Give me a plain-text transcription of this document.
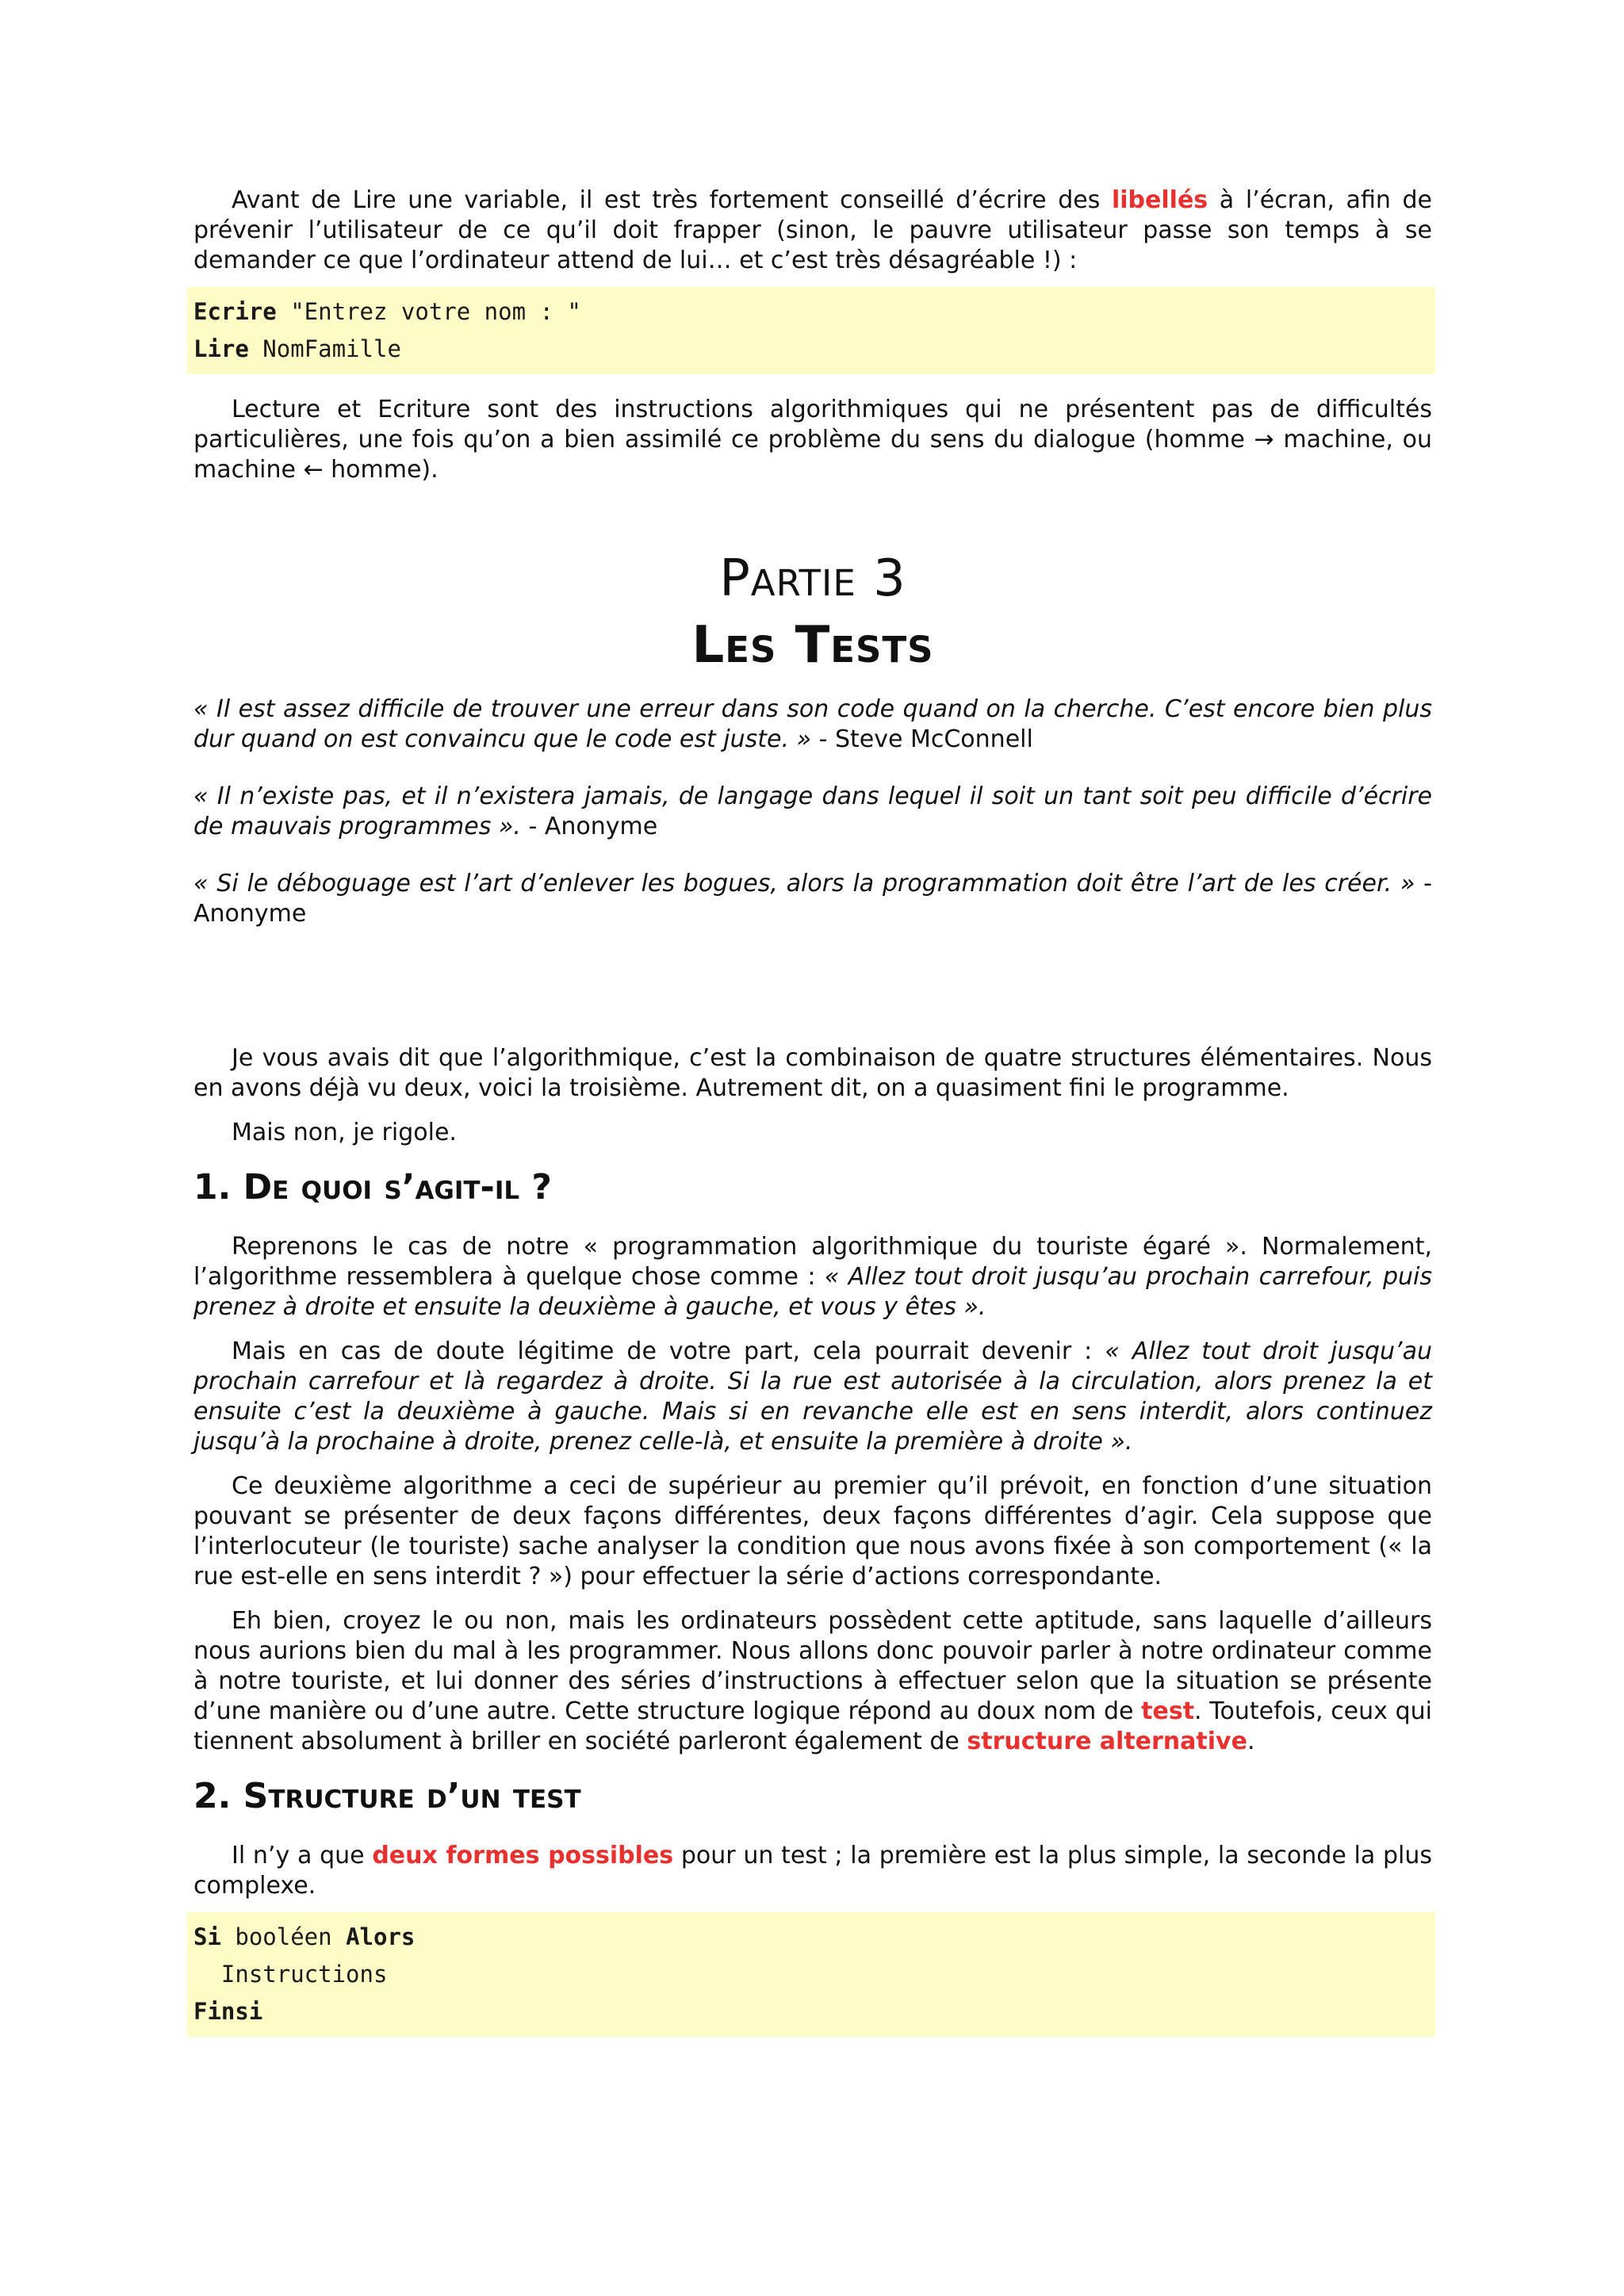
Avant de Lire une variable, il est très fortement conseillé d’écrire des libellés à l’écran, afin de prévenir l’utilisateur de ce qu’il doit frapper (sinon, le pauvre utilisateur passe son temps à se demander ce que l’ordinateur attend de lui… et c’est très désagréable !) :

Ecrire "Entrez votre nom : "
Lire NomFamille

Lecture et Ecriture sont des instructions algorithmiques qui ne présentent pas de difficultés particulières, une fois qu’on a bien assimilé ce problème du sens du dialogue (homme → machine, ou machine ← homme).

Partie 3
Les Tests

« Il est assez difficile de trouver une erreur dans son code quand on la cherche. C’est encore bien plus dur quand on est convaincu que le code est juste. » - Steve McConnell

« Il n’existe pas, et il n’existera jamais, de langage dans lequel il soit un tant soit peu difficile d’écrire de mauvais programmes ». - Anonyme

« Si le déboguage est l’art d’enlever les bogues, alors la programmation doit être l’art de les créer. » - Anonyme

Je vous avais dit que l’algorithmique, c’est la combinaison de quatre structures élémentaires. Nous en avons déjà vu deux, voici la troisième. Autrement dit, on a quasiment fini le programme.

Mais non, je rigole.

1. De quoi s’agit-il ?

Reprenons le cas de notre « programmation algorithmique du touriste égaré ». Normalement, l’algorithme ressemblera à quelque chose comme : « Allez tout droit jusqu’au prochain carrefour, puis prenez à droite et ensuite la deuxième à gauche, et vous y êtes ».

Mais en cas de doute légitime de votre part, cela pourrait devenir : « Allez tout droit jusqu’au prochain carrefour et là regardez à droite. Si la rue est autorisée à la circulation, alors prenez la et ensuite c’est la deuxième à gauche. Mais si en revanche elle est en sens interdit, alors continuez jusqu’à la prochaine à droite, prenez celle-là, et ensuite la première à droite ».

Ce deuxième algorithme a ceci de supérieur au premier qu’il prévoit, en fonction d’une situation pouvant se présenter de deux façons différentes, deux façons différentes d’agir. Cela suppose que l’interlocuteur (le touriste) sache analyser la condition que nous avons fixée à son comportement (« la rue est-elle en sens interdit ? ») pour effectuer la série d’actions correspondante.

Eh bien, croyez le ou non, mais les ordinateurs possèdent cette aptitude, sans laquelle d’ailleurs nous aurions bien du mal à les programmer. Nous allons donc pouvoir parler à notre ordinateur comme à notre touriste, et lui donner des séries d’instructions à effectuer selon que la situation se présente d’une manière ou d’une autre. Cette structure logique répond au doux nom de test. Toutefois, ceux qui tiennent absolument à briller en société parleront également de structure alternative.

2. Structure d’un test

Il n’y a que deux formes possibles pour un test ; la première est la plus simple, la seconde la plus complexe.

Si booléen Alors
Instructions
Finsi
